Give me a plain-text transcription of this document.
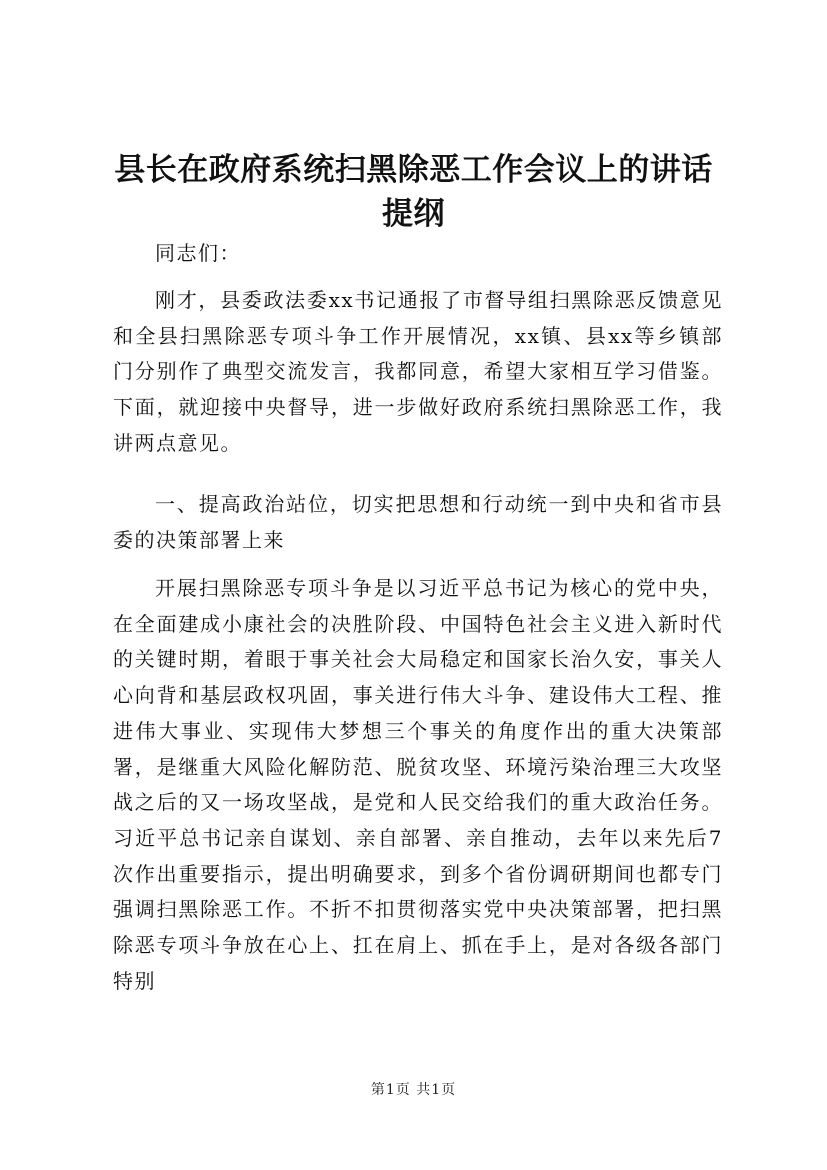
县长在政府系统扫黑除恶工作会议上的讲话提纲

同志们：

刚才，县委政法委xx书记通报了市督导组扫黑除恶反馈意见和全县扫黑除恶专项斗争工作开展情况，xx镇、县xx等乡镇部门分别作了典型交流发言，我都同意，希望大家相互学习借鉴。下面，就迎接中央督导，进一步做好政府系统扫黑除恶工作，我讲两点意见。

一、提高政治站位，切实把思想和行动统一到中央和省市县委的决策部署上来

开展扫黑除恶专项斗争是以习近平总书记为核心的党中央，在全面建成小康社会的决胜阶段、中国特色社会主义进入新时代的关键时期，着眼于事关社会大局稳定和国家长治久安，事关人心向背和基层政权巩固，事关进行伟大斗争、建设伟大工程、推进伟大事业、实现伟大梦想三个事关的角度作出的重大决策部署，是继重大风险化解防范、脱贫攻坚、环境污染治理三大攻坚战之后的又一场攻坚战，是党和人民交给我们的重大政治任务。习近平总书记亲自谋划、亲自部署、亲自推动，去年以来先后7次作出重要指示，提出明确要求，到多个省份调研期间也都专门强调扫黑除恶工作。不折不扣贯彻落实党中央决策部署，把扫黑除恶专项斗争放在心上、扛在肩上、抓在手上，是对各级各部门特别

第1页 共1页
